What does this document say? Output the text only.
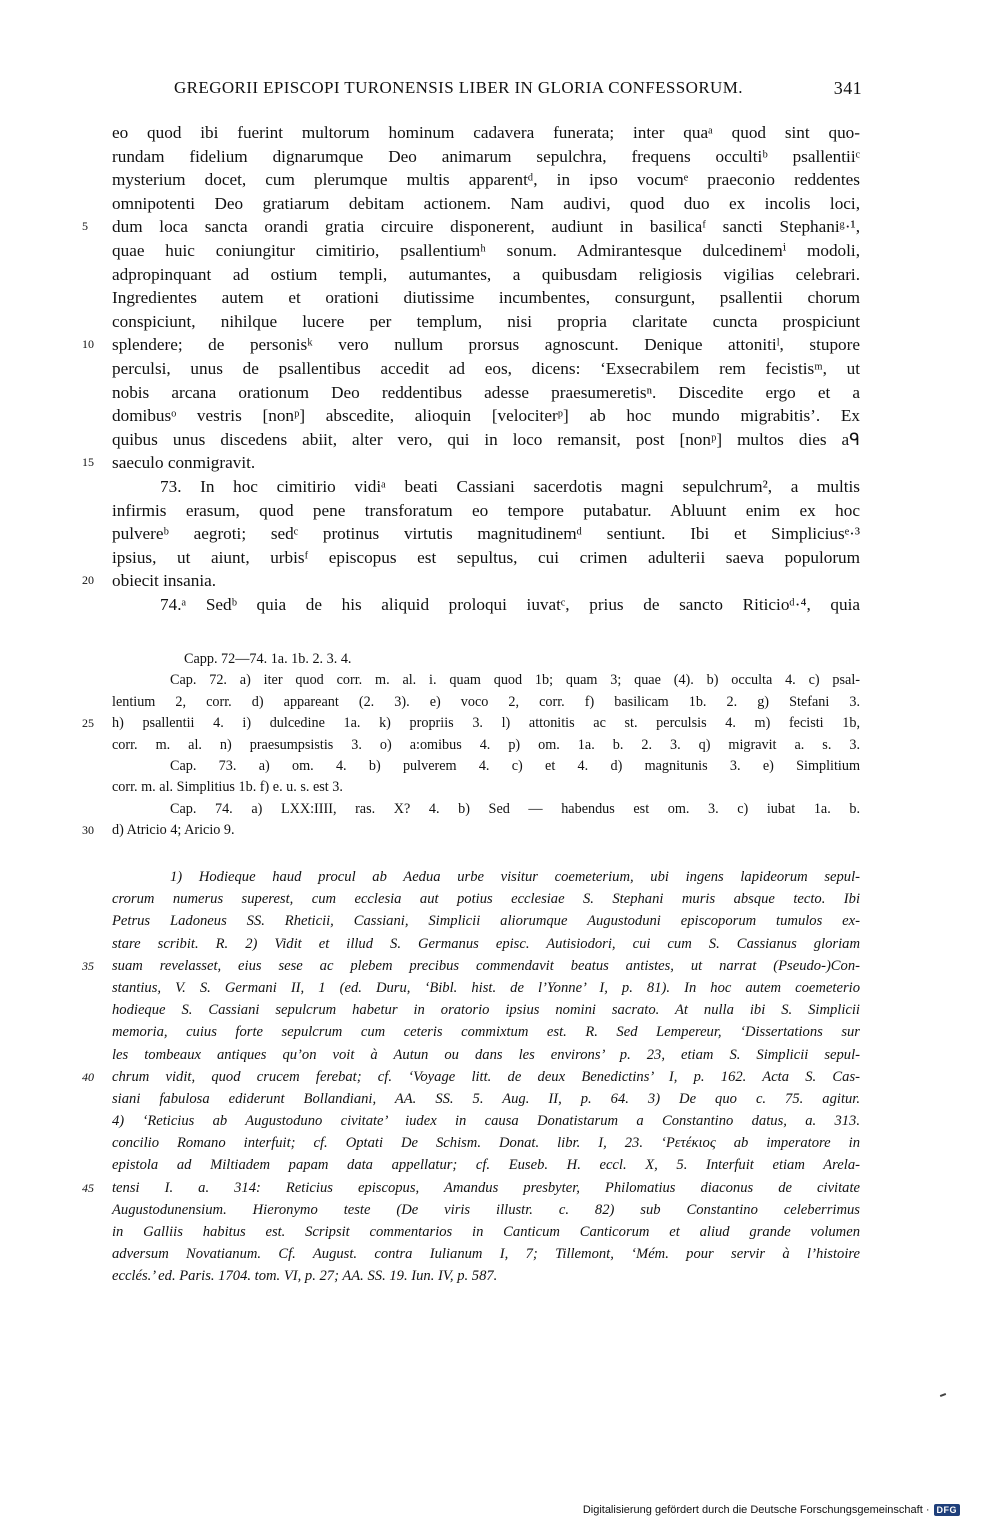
GREGORII EPISCOPI TURONENSIS LIBER IN GLORIA CONFESSORUM.	341
eo quod ibi fuerint multorum hominum cadavera funerata; inter quaᵃ quod sint quo-
rundam fidelium dignarumque Deo animarum sepulchra, frequens occultiᵇ psallentiiᶜ
mysterium docet, cum plerumque multis apparentᵈ, in ipso vocumᵉ praeconio reddentes
omnipotenti Deo gratiarum debitam actionem. Nam audivi, quod duo ex incolis loci,
5	dum loca sancta orandi gratia circuire disponerent, audiunt in basilicaᶠ sancti Stephaniᵍ·¹,
quae huic coniungitur cimitirio, psallentiumʰ sonum. Admirantesque dulcedinemⁱ modoli,
adpropinquant ad ostium templi, autumantes, a quibusdam religiosis vigilias celebrari.
Ingredientes autem et orationi diutissime incumbentes, consurgunt, psallentii chorum
conspiciunt, nihilque lucere per templum, nisi propria claritate cuncta prospiciunt
10	splendere; de personisᵏ vero nullum prorsus agnoscunt. Denique attonitiˡ, stupore
perculsi, unus de psallentibus accedit ad eos, dicens: ‘Exsecrabilem rem fecistisᵐ, ut
nobis arcana orationum Deo reddentibus adesse praesumeretisⁿ. Discedite ergo et a
domibusᵒ vestris [nonᵖ] abscedite, alioquin [velociterᵖ] ab hoc mundo migrabitis’. Ex
quibus unus discedens abiit, alter vero, qui in loco remansit, post [nonᵖ] multos dies aᑫ
15	saeculo conmigravit.
73. In hoc cimitirio vidiᵃ beati Cassiani sacerdotis magni sepulchrum², a multis
infirmis erasum, quod pene transforatum eo tempore putabatur. Abluunt enim ex hoc
pulvereᵇ aegroti; sedᶜ protinus virtutis magnitudinemᵈ sentiunt. Ibi et Simpliciusᵉ·³
ipsius, ut aiunt, urbisᶠ episcopus est sepultus, cui crimen adulterii saeva populorum
20	obiecit insania.
74.ᵃ Sedᵇ quia de his aliquid proloqui iuvatᶜ, prius de sancto Riticioᵈ·⁴, quia
Capp. 72—74. 1a. 1b. 2. 3. 4.
Cap. 72. a) iter quod corr. m. al. i. quam quod 1b; quam 3; quae (4). b) occulta 4. c) psal-
lentium 2, corr. d) appareant (2. 3). e) voco 2, corr. f) basilicam 1b. 2. g) Stefani 3.
25	h) psallentii 4. i) dulcedine 1a. k) propriis 3. l) attonitis ac st. perculsis 4. m) fecisti 1b,
corr. m. al. n) praesumpsistis 3. o) a:omibus 4. p) om. 1a. b. 2. 3. q) migravit a. s. 3.
Cap. 73. a) om. 4. b) pulverem 4. c) et 4. d) magnitunis 3. e) Simplitium
corr. m. al. Simplitius 1b. f) e. u. s. est 3.
Cap. 74. a) LXX:IIII, ras. X? 4. b) Sed — habendus est om. 3. c) iubat 1a. b.
30	d) Atricio 4; Aricio 9.
1) Hodieque haud procul ab Aedua urbe visitur coemeterium, ubi ingens lapideorum sepul-
crorum numerus superest, cum ecclesia aut potius ecclesiae S. Stephani muris absque tecto. Ibi
Petrus Ladoneus SS. Rheticii, Cassiani, Simplicii aliorumque Augustoduni episcoporum tumulos ex-
stare scribit. R. 2) Vidit et illud S. Germanus episc. Autisiodori, cui cum S. Cassianus gloriam
35	suam revelasset, eius sese ac plebem precibus commendavit beatus antistes, ut narrat (Pseudo-)Con-
stantius, V. S. Germani II, 1 (ed. Duru, ‘Bibl. hist. de l’Yonne’ I, p. 81). In hoc autem coemeterio
hodieque S. Cassiani sepulcrum habetur in oratorio ipsius nomini sacrato. At nulla ibi S. Simplicii
memoria, cuius forte sepulcrum cum ceteris commixtum est. R. Sed Lempereur, ‘Dissertations sur
les tombeaux antiques qu’on voit à Autun ou dans les environs’ p. 23, etiam S. Simplicii sepul-
40	chrum vidit, quod crucem ferebat; cf. ‘Voyage litt. de deux Benedictins’ I, p. 162. Acta S. Cas-
siani fabulosa ediderunt Bollandiani, AA. SS. 5. Aug. II, p. 64. 3) De quo c. 75. agitur.
4) ‘Reticius ab Augustoduno civitate’ iudex in causa Donatistarum a Constantino datus, a. 313.
concilio Romano interfuit; cf. Optati De Schism. Donat. libr. I, 23. ‘Ρετέκιος ab imperatore in
epistola ad Miltiadem papam data appellatur; cf. Euseb. H. eccl. X, 5. Interfuit etiam Arela-
45	tensi I. a. 314: Reticius episcopus, Amandus presbyter, Philomatius diaconus de civitate
Augustodunensium. Hieronymo teste (De viris illustr. c. 82) sub Constantino celeberrimus
in Galliis habitus est. Scripsit commentarios in Canticum Canticorum et aliud grande volumen
adversum Novatianum. Cf. August. contra Iulianum I, 7; Tillemont, ‘Mém. pour servir à l’histoire
ecclés.’ ed. Paris. 1704. tom. VI, p. 27; AA. SS. 19. Iun. IV, p. 587.
Digitalisierung gefördert durch die Deutsche Forschungsgemeinschaft · DFG
